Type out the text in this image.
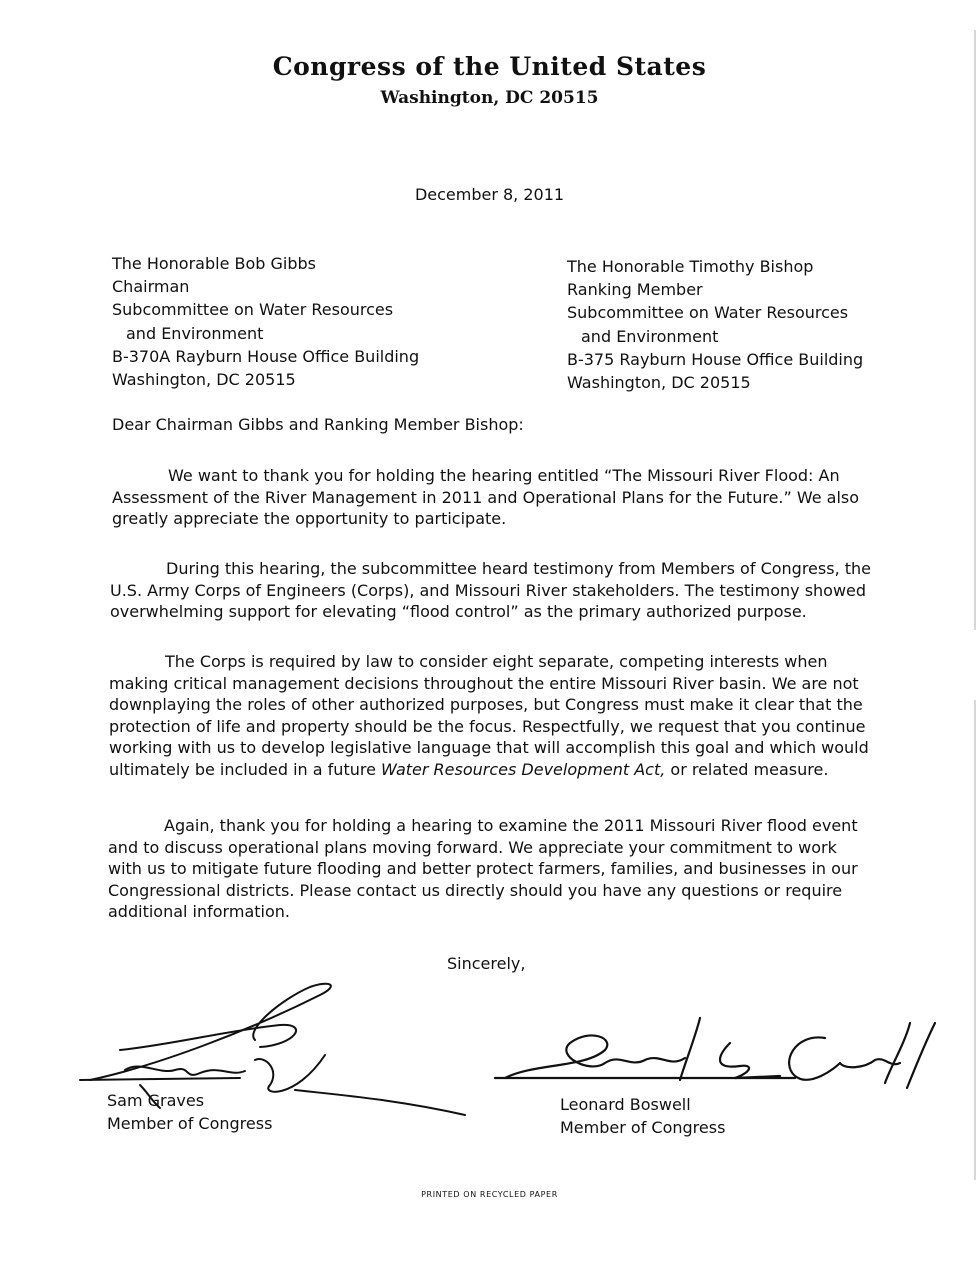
Congress of the United States
Washington, DC 20515
December 8, 2011
The Honorable Bob Gibbs
Chairman
Subcommittee on Water Resources
and Environment
B-370A Rayburn House Office Building
Washington, DC 20515
The Honorable Timothy Bishop
Ranking Member
Subcommittee on Water Resources
and Environment
B-375 Rayburn House Office Building
Washington, DC 20515
Dear Chairman Gibbs and Ranking Member Bishop:
We want to thank you for holding the hearing entitled “The Missouri River Flood: An
Assessment of the River Management in 2011 and Operational Plans for the Future.” We also
greatly appreciate the opportunity to participate.
During this hearing, the subcommittee heard testimony from Members of Congress, the
U.S. Army Corps of Engineers (Corps), and Missouri River stakeholders. The testimony showed
overwhelming support for elevating “flood control” as the primary authorized purpose.
The Corps is required by law to consider eight separate, competing interests when
making critical management decisions throughout the entire Missouri River basin. We are not
downplaying the roles of other authorized purposes, but Congress must make it clear that the
protection of life and property should be the focus. Respectfully, we request that you continue
working with us to develop legislative language that will accomplish this goal and which would
ultimately be included in a future Water Resources Development Act, or related measure.
Again, thank you for holding a hearing to examine the 2011 Missouri River flood event
and to discuss operational plans moving forward. We appreciate your commitment to work
with us to mitigate future flooding and better protect farmers, families, and businesses in our
Congressional districts. Please contact us directly should you have any questions or require
additional information.
Sincerely,
Sam Graves
Member of Congress
Leonard Boswell
Member of Congress
PRINTED ON RECYCLED PAPER
